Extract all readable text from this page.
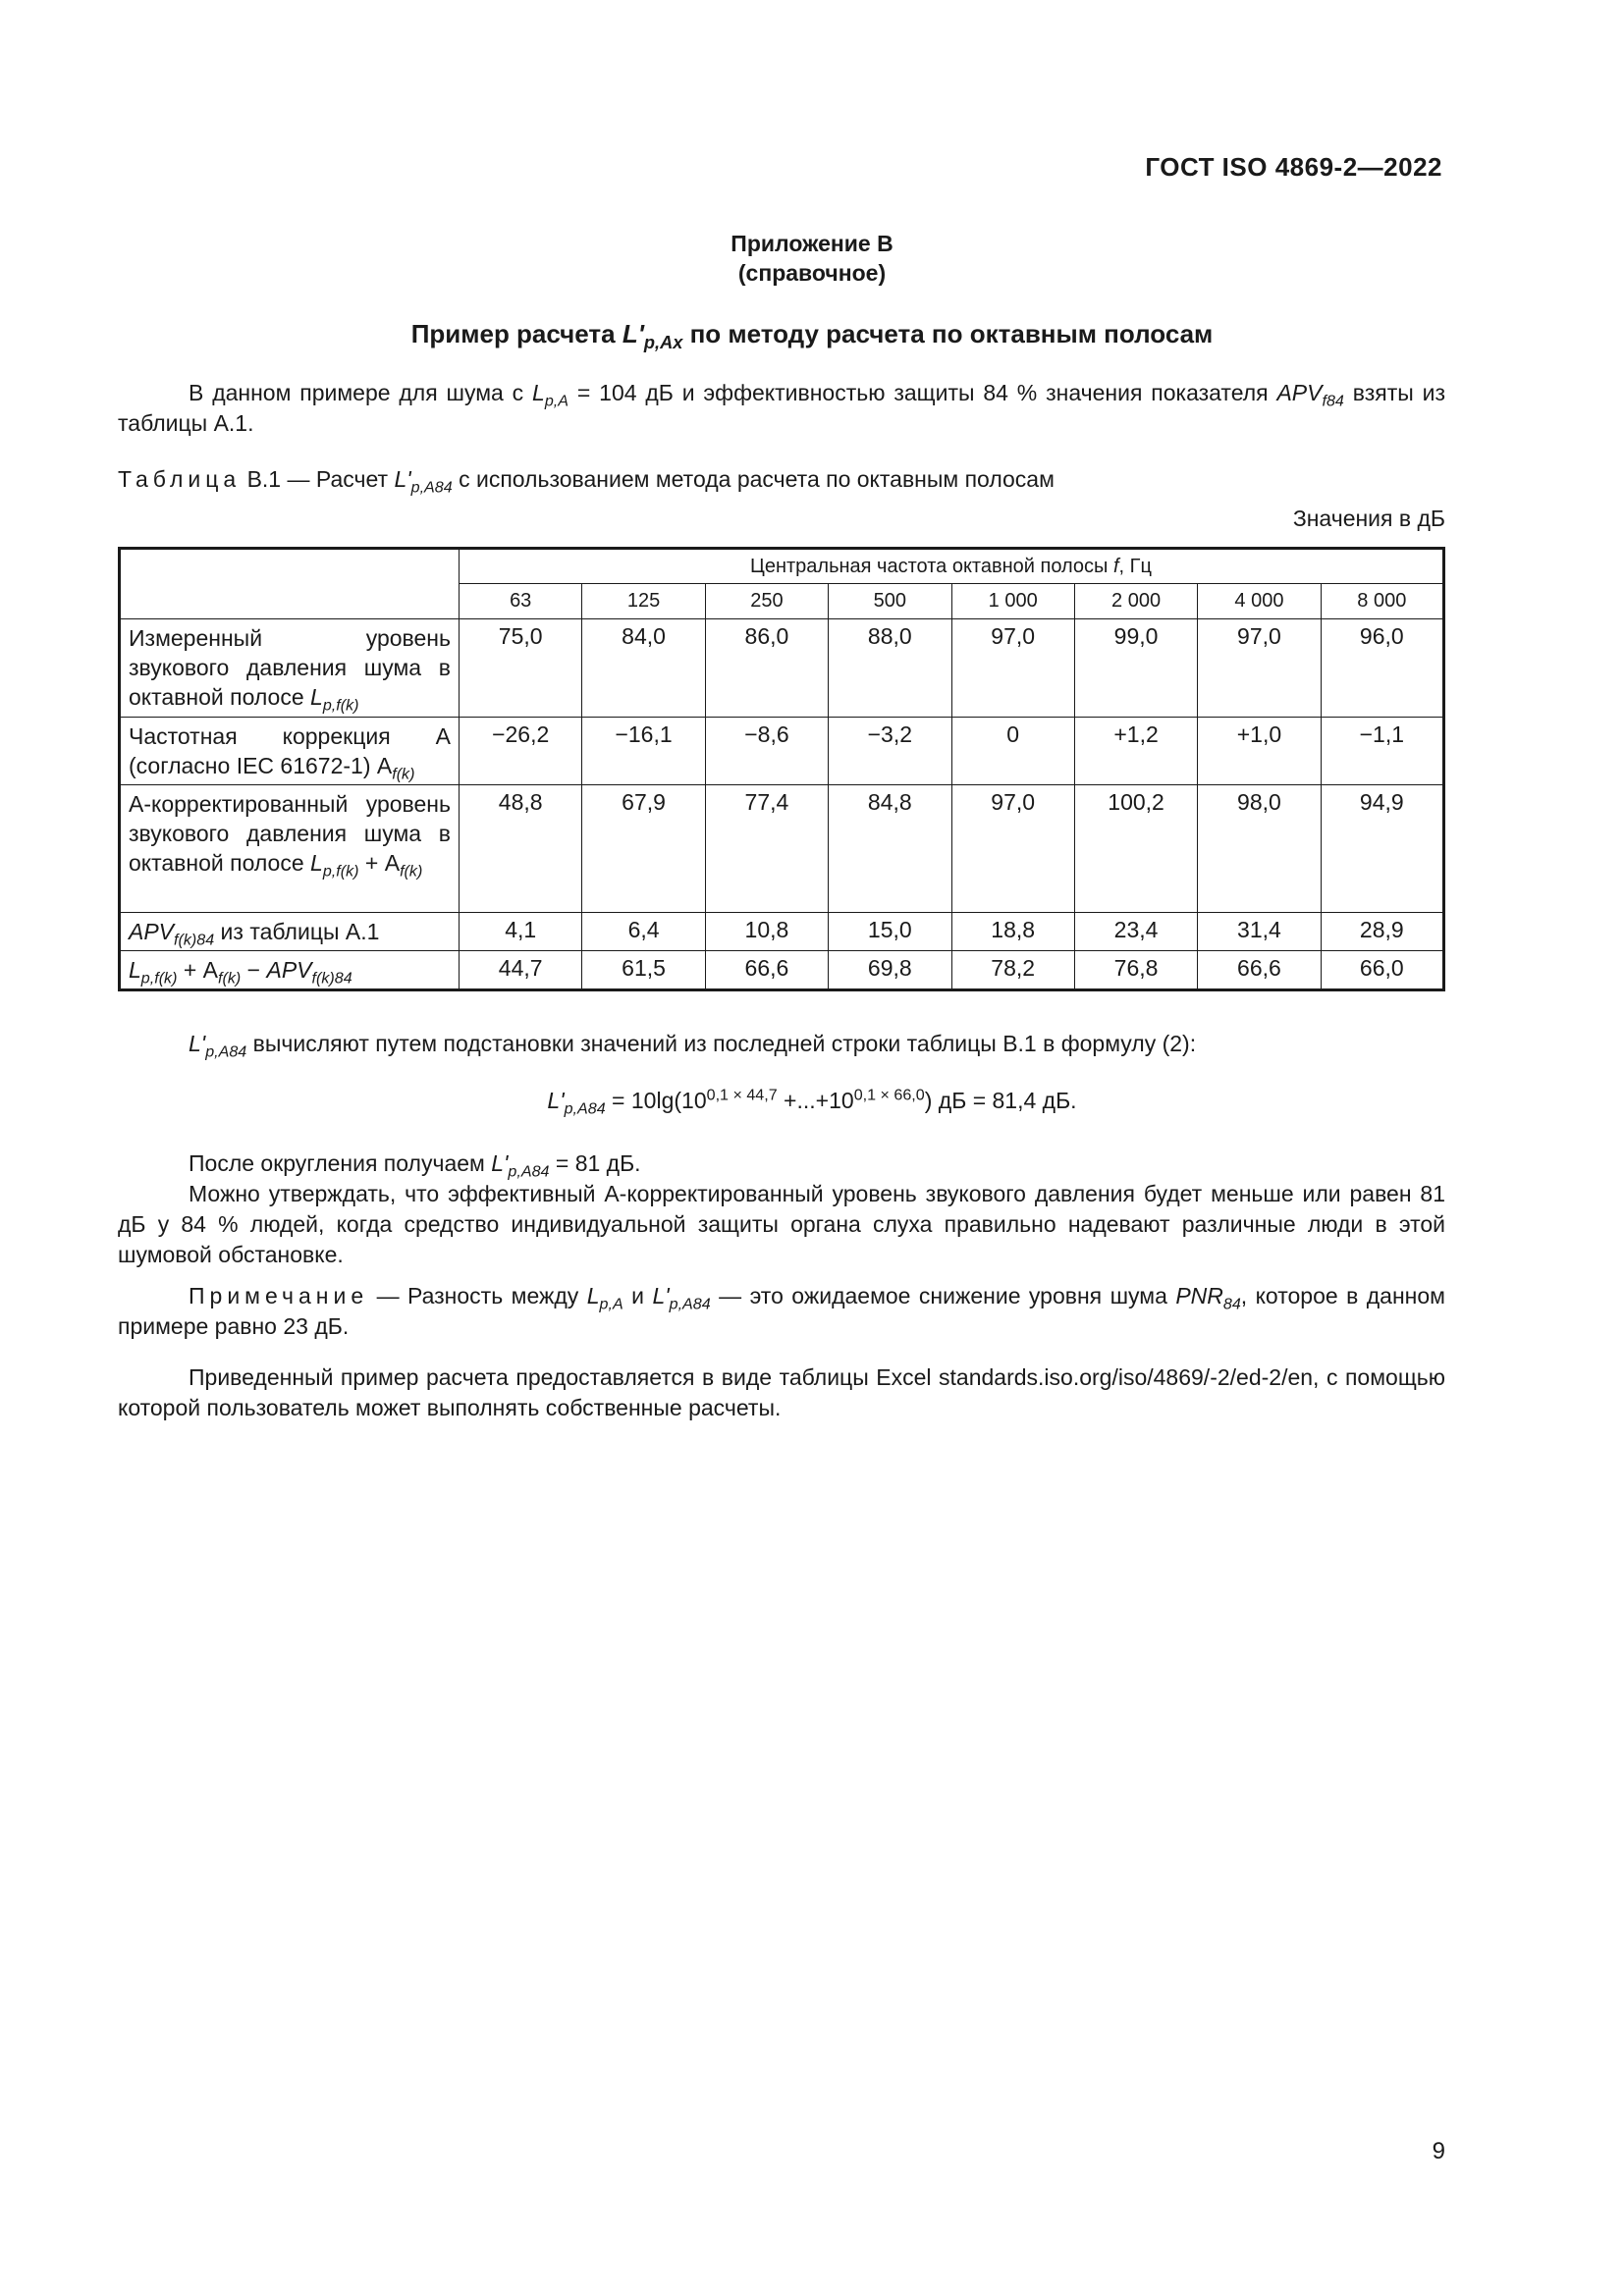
ГОСТ ISO 4869-2—2022
Приложение В
(справочное)
Пример расчета $L'_{p,Ax}$ по методу расчета по октавным полосам
В данном примере для шума с $L_{p,A} = 104$ дБ и эффективностью защиты 84 % значения показателя $APV_{f84}$ взяты из таблицы А.1.
Таблица В.1 — Расчет $L'_{p,A84}$ с использованием метода расчета по октавным полосам
Значения в дБ
	Центральная частота октавной полосы f, Гц							
	63	125	250	500	1 000	2 000	4 000	8 000
Измеренный уровень звукового давления шума в октавной полосе $L_{p,f(k)}$	75,0	84,0	86,0	88,0	97,0	99,0	97,0	96,0
Частотная коррекция А (согласно IEC 61672-1) $А_{f(k)}$	−26,2	−16,1	−8,6	−3,2	0	+1,2	+1,0	−1,1
А-корректированный уровень звукового давления шума в октавной полосе $L_{p,f(k)} + А_{f(k)}$	48,8	67,9	77,4	84,8	97,0	100,2	98,0	94,9
$APV_{f(k)84}$ из таблицы А.1	4,1	6,4	10,8	15,0	18,8	23,4	31,4	28,9
$L_{p,f(k)} + А_{f(k)} - APV_{f(k)84}$	44,7	61,5	66,6	69,8	78,2	76,8	66,6	66,0
$L'_{p,A84}$ вычисляют путем подстановки значений из последней строки таблицы В.1 в формулу (2):
$L'_{p,A84} = 10\lg(10^{0,1 \times 44,7} +...+10^{0,1 \times 66,0})$ дБ = 81,4 дБ.
После округления получаем $L'_{p,A84} = 81$ дБ.
Можно утверждать, что эффективный А-корректированный уровень звукового давления будет меньше или равен 81 дБ у 84 % людей, когда средство индивидуальной защиты органа слуха правильно надевают различные люди в этой шумовой обстановке.
Примечание — Разность между $L_{p,A}$ и $L'_{p,A84}$ — это ожидаемое снижение уровня шума $PNR_{84}$, которое в данном примере равно 23 дБ.
Приведенный пример расчета предоставляется в виде таблицы Excel standards.iso.org/iso/4869/-2/ed-2/en, с помощью которой пользователь может выполнять собственные расчеты.
9
